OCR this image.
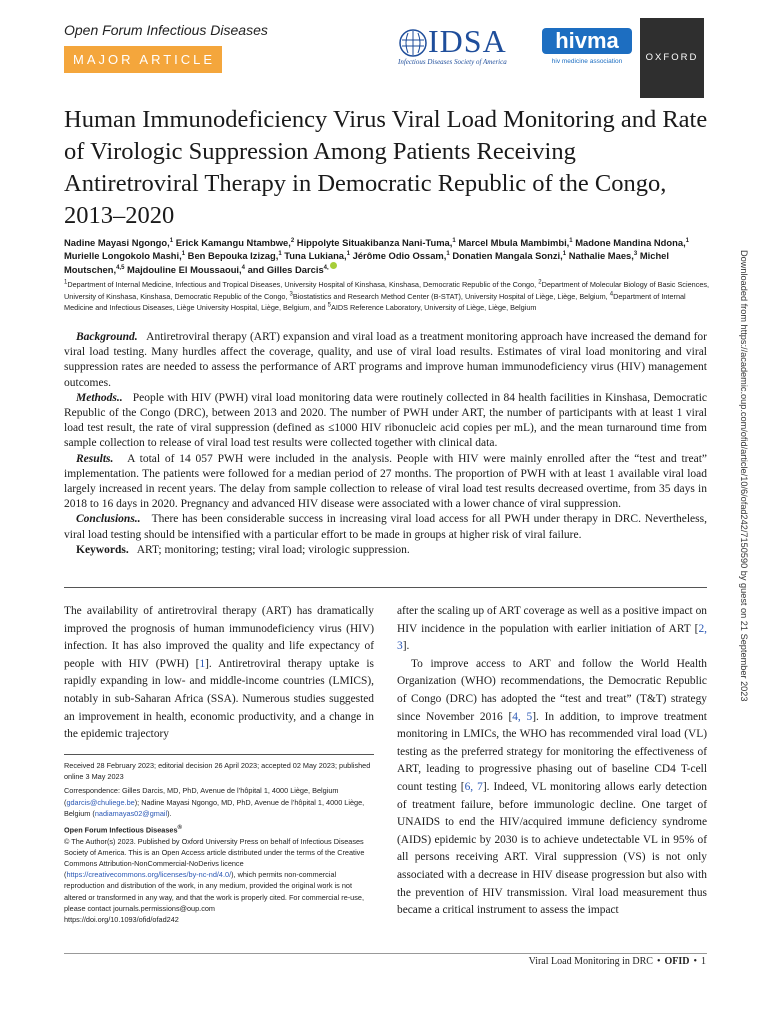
Open Forum Infectious Diseases
MAJOR ARTICLE
IDSA
Infectious Diseases Society of America
hivma
hiv medicine association	OXFORD
Human Immunodeficiency Virus Viral Load Monitoring and Rate of Virologic Suppression Among Patients Receiving Antiretroviral Therapy in Democratic Republic of the Congo, 2013–2020
Nadine Mayasi Ngongo,$^1$ Erick Kamangu Ntambwe,$^2$ Hippolyte Situakibanza Nani-Tuma,$^1$ Marcel Mbula Mambimbi,$^1$ Madone Mandina Ndona,$^1$ Murielle Longokolo Mashi,$^1$ Ben Bepouka Izizag,$^1$ Tuna Lukiana,$^1$ Jérôme Odio Ossam,$^1$ Donatien Mangala Sonzi,$^1$ Nathalie Maes,$^3$ Michel Moutschen,$^{4,5}$ Majdouline El Moussaoui,$^4$ and Gilles Darcis$^{4,}$
$^1$Department of Internal Medicine, Infectious and Tropical Diseases, University Hospital of Kinshasa, Kinshasa, Democratic Republic of the Congo, $^2$Department of Molecular Biology of Basic Sciences, University of Kinshasa, Kinshasa, Democratic Republic of the Congo, $^3$Biostatistics and Research Method Center (B-STAT), University Hospital of Liège, Liège, Belgium, $^4$Department of Internal Medicine and Infectious Diseases, Liège University Hospital, Liège, Belgium, and $^5$AIDS Reference Laboratory, University of Liège, Liège, Belgium

Background. Antiretroviral therapy (ART) expansion and viral load as a treatment monitoring approach have increased the demand for viral load testing. Many hurdles affect the coverage, quality, and use of viral load results. Estimates of viral load monitoring and viral suppression rates are needed to assess the performance of ART programs and improve human immunodeficiency virus (HIV) management outcomes.

Methods.. People with HIV (PWH) viral load monitoring data were routinely collected in 84 health facilities in Kinshasa, Democratic Republic of the Congo (DRC), between 2013 and 2020. The number of PWH under ART, the number of participants with at least 1 viral load test result, the rate of viral suppression (defined as ≤1000 HIV ribonucleic acid copies per mL), and the mean turnaround time from sample collection to release of viral load test results were collected together with clinical data.

Results. A total of 14 057 PWH were included in the analysis. People with HIV were mainly enrolled after the “test and treat” implementation. The patients were followed for a median period of 27 months. The proportion of PWH with at least 1 available viral load largely increased in recent years. The delay from sample collection to release of viral load test results decreased overtime, from 35 days in 2018 to 16 days in 2020. Pregnancy and advanced HIV disease were associated with a lower chance of viral suppression.

Conclusions.. There has been considerable success in increasing viral load access for all PWH under therapy in DRC. Nevertheless, viral load testing should be intensified with a particular effort to be made in groups at higher risk of viral failure.

Keywords. ART; monitoring; testing; viral load; virologic suppression.

The availability of antiretroviral therapy (ART) has dramatically improved the prognosis of human immunodeficiency virus (HIV) infection. It has also improved the quality and life expectancy of people with HIV (PWH) [1]. Antiretroviral therapy uptake is rapidly expanding in low- and middle-income countries (LMICS), notably in sub-Saharan Africa (SSA). Numerous studies suggested an improvement in health, economic productivity, and a change in the epidemic trajectory

Received 28 February 2023; editorial decision 26 April 2023; accepted 02 May 2023; published online 3 May 2023

Correspondence: Gilles Darcis, MD, PhD, Avenue de l’hôpital 1, 4000 Liège, Belgium (gdarcis@chuliege.be); Nadine Mayasi Ngongo, MD, PhD, Avenue de l’hôpital 1, 4000 Liège, Belgium (nadiamayas02@gmail).

Open Forum Infectious Diseases®
© The Author(s) 2023. Published by Oxford University Press on behalf of Infectious Diseases Society of America. This is an Open Access article distributed under the terms of the Creative Commons Attribution-NonCommercial-NoDerivs licence (https://creativecommons.org/licenses/by-nc-nd/4.0/), which permits non-commercial reproduction and distribution of the work, in any medium, provided the original work is not altered or transformed in any way, and that the work is properly cited. For commercial re-use, please contact journals.permissions@oup.com
https://doi.org/10.1093/ofid/ofad242

after the scaling up of ART coverage as well as a positive impact on HIV incidence in the population with earlier initiation of ART [2, 3].

To improve access to ART and follow the World Health Organization (WHO) recommendations, the Democratic Republic of Congo (DRC) has adopted the “test and treat” (T&T) strategy since November 2016 [4, 5]. In addition, to improve treatment monitoring in LMICs, the WHO has recommended viral load (VL) testing as the preferred strategy for monitoring the effectiveness of ART, leading to progressive phasing out of baseline CD4 T-cell count testing [6, 7]. Indeed, VL monitoring allows early detection of treatment failure, before immunologic decline. One target of UNAIDS to end the HIV/acquired immune deficiency syndrome (AIDS) epidemic by 2030 is to achieve undetectable VL in 95% of all persons receiving ART. Viral suppression (VS) is not only associated with a decrease in HIV disease progression but also with the prevention of HIV transmission. Viral load measurement thus became a critical instrument to assess the impact

Downloaded from https://academic.oup.com/ofid/article/10/6/ofad242/7150590 by guest on 21 September 2023
Viral Load Monitoring in DRC • OFID • 1
